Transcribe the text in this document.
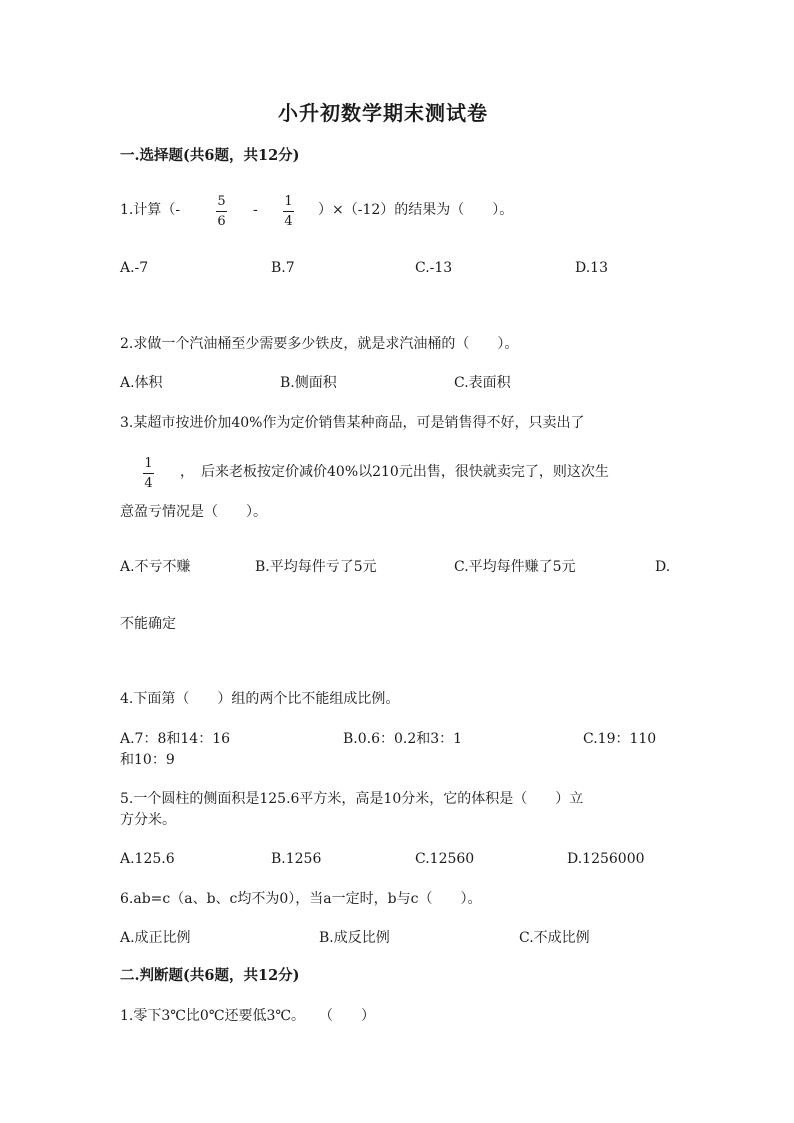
小升初数学期末测试卷
一.选择题(共6题，共12分)
1.计算（-
5
6
-
1
4
）×（-12）的结果为（　　）。
A.-7	B.7	C.-13	D.13
2.求做一个汽油桶至少需要多少铁皮，就是求汽油桶的（　　）。
A.体积	B.侧面积	C.表面积
3.某超市按进价加40%作为定价销售某种商品，可是销售得不好，只卖出了
1
4
，　后来老板按定价减价40%以210元出售，很快就卖完了，则这次生
意盈亏情况是（　　）。
A.不亏不赚	B.平均每件亏了5元	C.平均每件赚了5元	D.
不能确定
4.下面第（　　）组的两个比不能组成比例。
A.7：8和14：16	B.0.6：0.2和3：1	C.19：110
和10：9
5.一个圆柱的侧面积是125.6平方米，高是10分米，它的体积是（　　）立
方分米。
A.125.6	B.1256	C.12560	D.1256000
6.ab=c（a、b、c均不为0），当a一定时，b与c（　　）。
A.成正比例	B.成反比例	C.不成比例
二.判断题(共6题，共12分)
1.零下3℃比0℃还要低3℃。　　（　　）
